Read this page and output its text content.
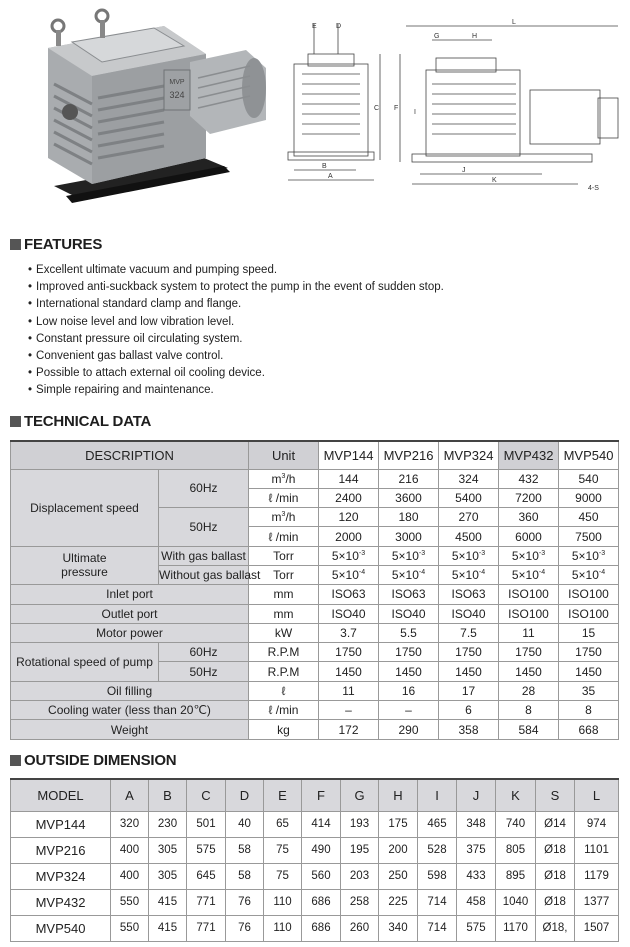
MVP
324
E	D
C
B
A
L
G	H
F
I
J
K
4-S
FEATURES
• Excellent ultimate vacuum and pumping speed.
• Improved anti-suckback system to protect the pump in the event of sudden stop.
• International standard clamp and flange.
• Low noise level and low vibration level.
• Constant pressure oil circulating system.
• Convenient gas ballast valve control.
• Possible to attach external oil cooling device.
• Simple repairing and maintenance.
TECHNICAL DATA
DESCRIPTION		Unit	MVP144	MVP216	MVP324	MVP432	MVP540
Displacement speed	60Hz	$m^3/h$	144	216	324	432	540
		ℓ /min	2400	3600	5400	7200	9000
	50Hz	$m^3/h$	120	180	270	360	450
		ℓ /min	2000	3000	4500	6000	7500

Ultimate
pressure	With gas ballast	Torr	$5\times 10^{-3}$	$5\times 10^{-3}$	$5\times 10^{-3}$	$5\times 10^{-3}$	$5\times 10^{-3}$
	Without gas ballast	Torr	$5\times 10^{-4}$	$5\times 10^{-4}$	$5\times 10^{-4}$	$5\times 10^{-4}$	$5\times 10^{-4}$
Inlet port		mm	ISO63	ISO63	ISO63	ISO100	ISO100
Outlet port		mm	ISO40	ISO40	ISO40	ISO100	ISO100
Motor power		kW	3.7	5.5	7.5	11	15
Rotational speed of pump	60Hz	R.P.M	1750	1750	1750	1750	1750
	50Hz	R.P.M	1450	1450	1450	1450	1450
Oil filling		ℓ	11	16	17	28	35
Cooling water (less than 20℃)		ℓ /min	–	–	6	8	8
Weight		kg	172	290	358	584	668
OUTSIDE DIMENSION
MODEL	A	B	C	D	E	F	G	H	I	J	K	S	L
MVP144	320	230	501	40	65	414	193	175	465	348	740	Ø14	974
MVP216	400	305	575	58	75	490	195	200	528	375	805	Ø18	1101
MVP324	400	305	645	58	75	560	203	250	598	433	895	Ø18	1179
MVP432	550	415	771	76	110	686	258	225	714	458	1040	Ø18	1377
MVP540	550	415	771	76	110	686	260	340	714	575	1170	Ø18,	1507
